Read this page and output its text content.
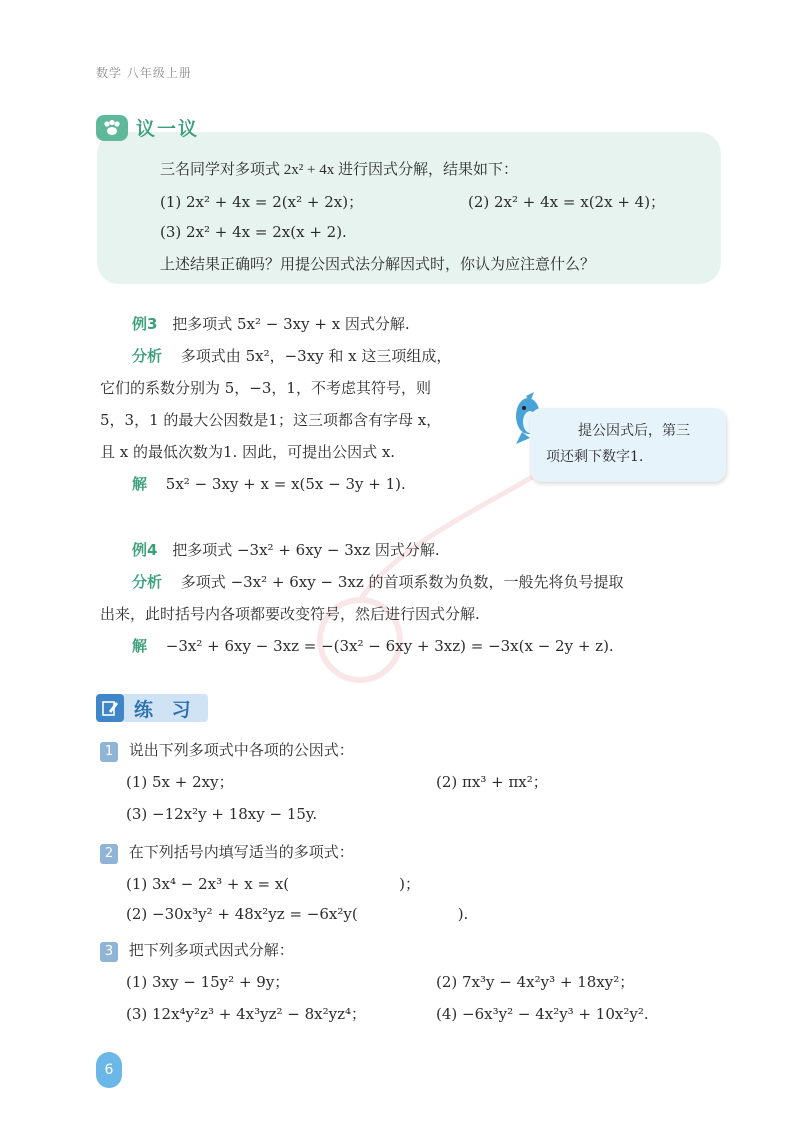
数学 八年级上册
议一议
三名同学对多项式 2x² + 4x 进行因式分解，结果如下：
(1) 2x² + 4x = 2(x² + 2x)；	(2) 2x² + 4x = x(2x + 4)；
(3) 2x² + 4x = 2x(x + 2).
上述结果正确吗？用提公因式法分解因式时，你认为应注意什么？
例3 把多项式 5x² − 3xy + x 因式分解.
分析 多项式由 5x²，−3xy 和 x 这三项组成，
它们的系数分别为 5，−3，1，不考虑其符号，则
5，3，1 的最大公因数是1；这三项都含有字母 x，
且 x 的最低次数为1. 因此，可提出公因式 x.
解 5x² − 3xy + x = x(5x − 3y + 1).
提公因式后，第三
项还剩下数字1.
例4 把多项式 −3x² + 6xy − 3xz 因式分解.
分析 多项式 −3x² + 6xy − 3xz 的首项系数为负数，一般先将负号提取
出来，此时括号内各项都要改变符号，然后进行因式分解.
解 −3x² + 6xy − 3xz = −(3x² − 6xy + 3xz) = −3x(x − 2y + z).
练 习
1 说出下列多项式中各项的公因式：
(1) 5x + 2xy；	(2) πx³ + πx²；
(3) −12x²y + 18xy − 15y.
2 在下列括号内填写适当的多项式：
(1) 3x⁴ − 2x³ + x = x(	)；
(2) −30x³y² + 48x²yz = −6x²y(	).
3 把下列多项式因式分解：
(1) 3xy − 15y² + 9y；	(2) 7x³y − 4x²y³ + 18xy²；
(3) 12x⁴y²z³ + 4x³yz² − 8x²yz⁴；	(4) −6x³y² − 4x²y³ + 10x²y².
6
